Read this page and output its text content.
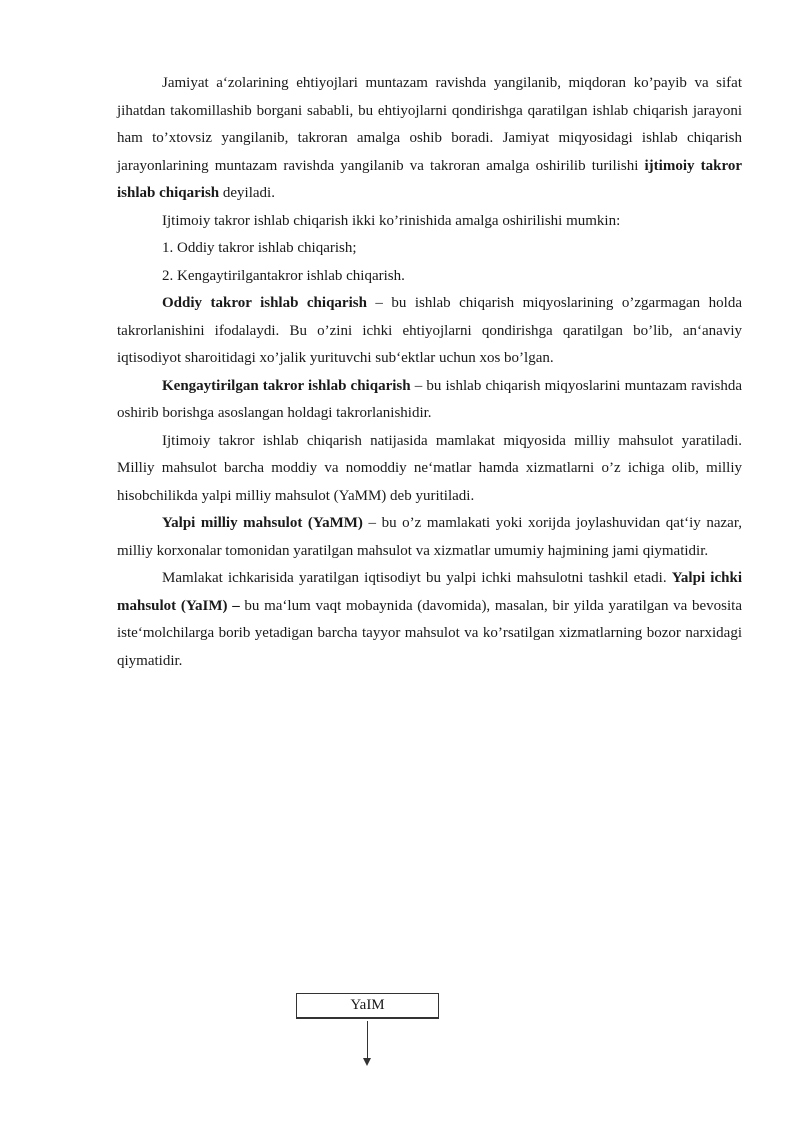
Jamiyat a‘zolarining ehtiyojlari muntazam ravishda yangilanib, miqdoran ko’payib va sifat jihatdan takomillashib borgani sababli, bu ehtiyojlarni qondirishga qaratilgan ishlab chiqarish jarayoni ham to’xtovsiz yangilanib, takroran amalga oshib boradi. Jamiyat miqyosidagi ishlab chiqarish jarayonlarining muntazam ravishda yangilanib va takroran amalga oshirilib turilishi ijtimoiy takror ishlab chiqarish deyiladi.

Ijtimoiy takror ishlab chiqarish ikki ko’rinishida amalga oshirilishi mumkin:

1. Oddiy takror ishlab chiqarish;

2. Kengaytirilgantakror ishlab chiqarish.

Oddiy takror ishlab chiqarish – bu ishlab chiqarish miqyoslarining o’zgarmagan holda takrorlanishini ifodalaydi. Bu o’zini ichki ehtiyojlarni qondirishga qaratilgan bo’lib, an‘anaviy iqtisodiyot sharoitidagi xo’jalik yurituvchi sub‘ektlar uchun xos bo’lgan.

Kengaytirilgan takror ishlab chiqarish – bu ishlab chiqarish miqyoslarini muntazam ravishda oshirib borishga asoslangan holdagi takrorlanishidir.

Ijtimoiy takror ishlab chiqarish natijasida mamlakat miqyosida milliy mahsulot yaratiladi. Milliy mahsulot barcha moddiy va nomoddiy ne‘matlar hamda xizmatlarni o’z ichiga olib, milliy hisobchilikda yalpi milliy mahsulot (YaMM) deb yuritiladi.

Yalpi milliy mahsulot (YaMM) – bu o’z mamlakati yoki xorijda joylashuvidan qat‘iy nazar, milliy korxonalar tomonidan yaratilgan mahsulot va xizmatlar umumiy hajmining jami qiymatidir.

Mamlakat ichkarisida yaratilgan iqtisodiyt bu yalpi ichki mahsulotni tashkil etadi. Yalpi ichki mahsulot (YaIM) – bu ma‘lum vaqt mobaynida (davomida), masalan, bir yilda yaratilgan va bevosita iste‘molchilarga borib yetadigan barcha tayyor mahsulot va ko’rsatilgan xizmatlarning bozor narxidagi qiymatidir.

YaIM
